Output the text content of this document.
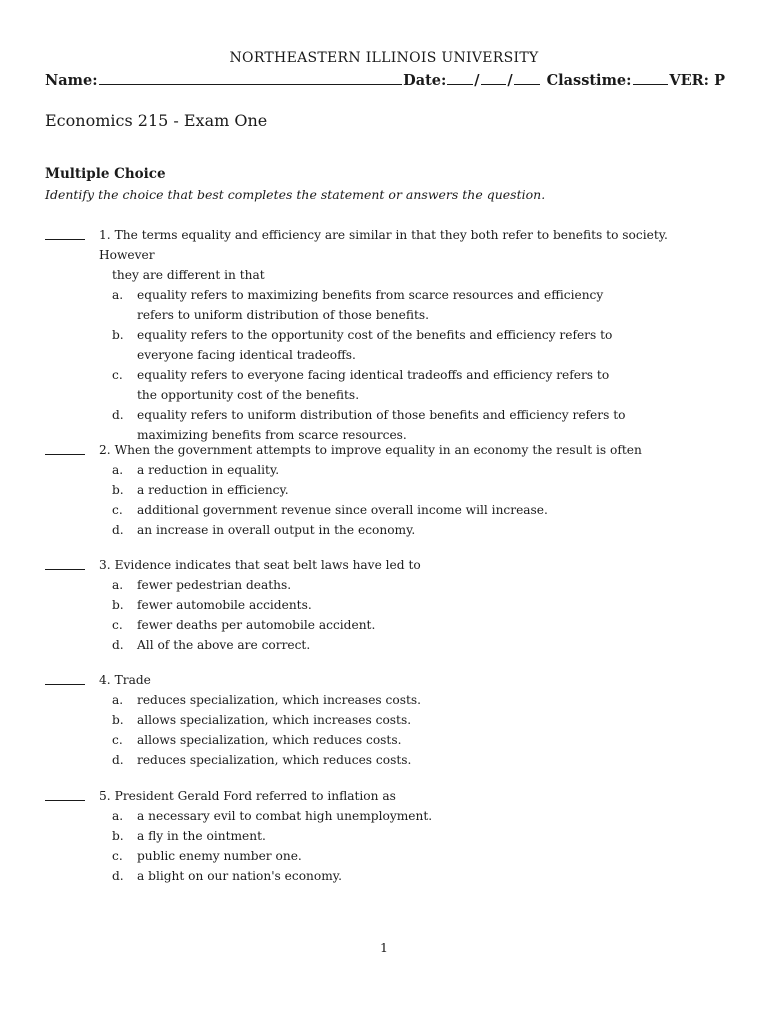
NORTHEASTERN ILLINOIS UNIVERSITY
Name:	Date: / / Classtime:	VER: P
Economics 215 - Exam One
Multiple Choice
Identify the choice that best completes the statement or answers the question.
1. The terms equality and efficiency are similar in that they both refer to benefits to society. However
they are different in that
a.	equality refers to maximizing benefits from scarce resources and efficiency refers to uniform distribution of those benefits.
b.	equality refers to the opportunity cost of the benefits and efficiency refers to everyone facing identical tradeoffs.
c.	equality refers to everyone facing identical tradeoffs and efficiency refers to the opportunity cost of the benefits.
d.	equality refers to uniform distribution of those benefits and efficiency refers to maximizing benefits from scarce resources.
2. When the government attempts to improve equality in an economy the result is often
a.	a reduction in equality.
b.	a reduction in efficiency.
c.	additional government revenue since overall income will increase.
d.	an increase in overall output in the economy.
3. Evidence indicates that seat belt laws have led to
a.	fewer pedestrian deaths.
b.	fewer automobile accidents.
c.	fewer deaths per automobile accident.
d.	All of the above are correct.
4. Trade
a.	reduces specialization, which increases costs.
b.	allows specialization, which increases costs.
c.	allows specialization, which reduces costs.
d.	reduces specialization, which reduces costs.
5. President Gerald Ford referred to inflation as
a.	a necessary evil to combat high unemployment.
b.	a fly in the ointment.
c.	public enemy number one.
d.	a blight on our nation's economy.
1
